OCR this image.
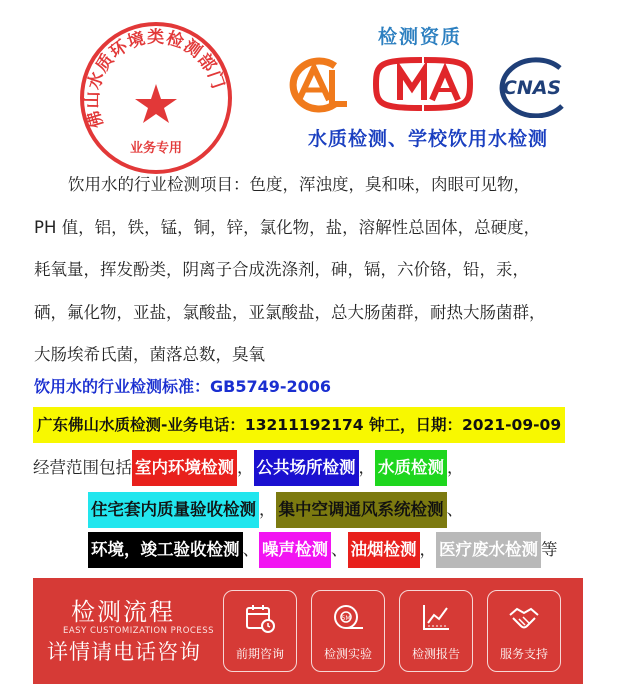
佛山水质环境类检测部门
业务专用
检测资质
CNAS
水质检测、学校饮用水检测
饮用水的行业检测项目：色度，浑浊度，臭和味，肉眼可见物，
PH 值，铝，铁，锰，铜，锌，氯化物，盐，溶解性总固体，总硬度，
耗氧量，挥发酚类，阴离子合成洗涤剂，砷，镉，六价铬，铅，汞，
硒，氟化物，亚盐，氯酸盐，亚氯酸盐，总大肠菌群，耐热大肠菌群，
大肠埃希氏菌，菌落总数，臭氧
饮用水的行业检测标准：GB5749-2006
广东佛山水质检测-业务电话：13211192174 钟工，日期：2021-09-09
经营范围包括 室内环境检测 ， 公共场所检测 ， 水质检测 ，
住宅套内质量验收检测 ， 集中空调通风系统检测 、
环境，竣工验收检测 、 噪声检测 、 油烟检测 ， 医疗废水检测 等
检测流程
EASY CUSTOMIZATION PROCESS
详情请电话咨询	前期咨询
5M
检测实验	检测报告	服务支持
